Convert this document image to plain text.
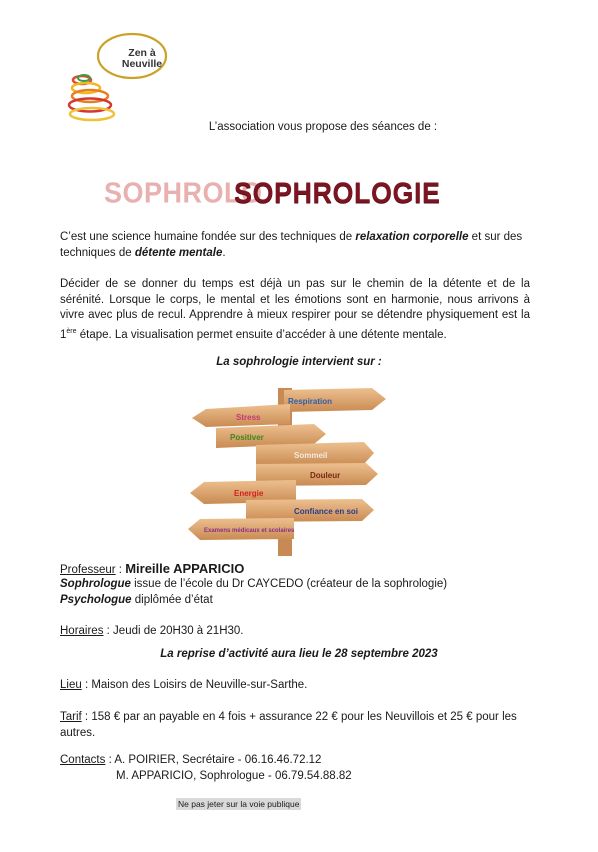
Zen à
Neuville
L’association vous propose des séances de :
SOPHROLO
SOPHROLOGIE
C’est une science humaine fondée sur des techniques de relaxation corporelle et sur des techniques de détente mentale.
Décider de se donner du temps est déjà un pas sur le chemin de la détente et de la sérénité. Lorsque le corps, le mental et les émotions sont en harmonie, nous arrivons à vivre avec plus de recul. Apprendre à mieux respirer pour se détendre physiquement est la 1ère étape. La visualisation permet ensuite d’accéder à une détente mentale.
La sophrologie intervient sur :
Respiration
Stress
Positiver
Sommeil
Douleur
Energie
Confiance en soi
Examens médicaux et scolaires
Professeur : Mireille APPARICIO
Sophrologue issue de l’école du Dr CAYCEDO (créateur de la sophrologie)
Psychologue diplômée d’état
Horaires : Jeudi de 20H30 à 21H30.
La reprise d’activité aura lieu le 28 septembre 2023
Lieu : Maison des Loisirs de Neuville-sur-Sarthe.
Tarif : 158 € par an payable en 4 fois + assurance 22 € pour les Neuvillois et 25 € pour les autres.
Contacts : A. POIRIER, Secrétaire - 06.16.46.72.12
M. APPARICIO, Sophrologue - 06.79.54.88.82
Ne pas jeter sur la voie publique
